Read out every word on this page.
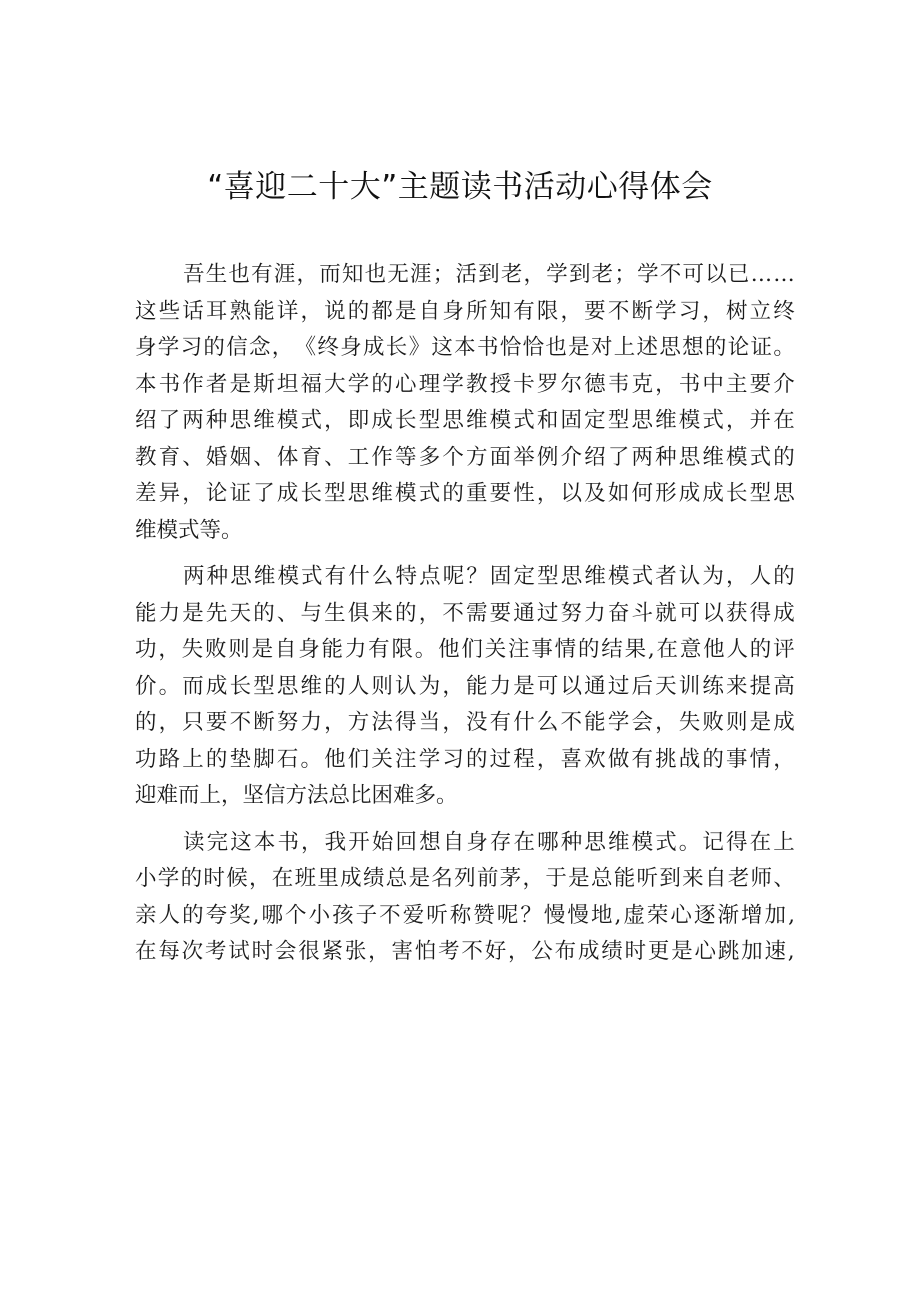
“喜迎二十大”主题读书活动心得体会
吾 生 也 有 涯 ， 而 知 也 无 涯 ； 活 到 老 ， 学 到 老 ； 学 不 可 以 已 … …
这 些 话 耳 熟 能 详 ， 说 的 都 是 自 身 所 知 有 限 ， 要 不 断 学 习 ， 树 立 终
身 学 习 的 信 念 ， 《 终 身 成 长 》 这 本 书 恰 恰 也 是 对 上 述 思 想 的 论 证 。
本 书 作 者 是 斯 坦 福 大 学 的 心 理 学 教 授 卡 罗 尔 德 韦 克 ， 书 中 主 要 介
绍 了 两 种 思 维 模 式 ， 即 成 长 型 思 维 模 式 和 固 定 型 思 维 模 式 ， 并 在
教 育 、 婚 姻 、 体 育 、 工 作 等 多 个 方 面 举 例 介 绍 了 两 种 思 维 模 式 的
差 异 ， 论 证 了 成 长 型 思 维 模 式 的 重 要 性 ， 以 及 如 何 形 成 成 长 型 思
维模式等。
两 种 思 维 模 式 有 什 么 特 点 呢 ？ 固 定 型 思 维 模 式 者 认 为 ， 人 的
能 力 是 先 天 的 、 与 生 俱 来 的 ， 不 需 要 通 过 努 力 奋 斗 就 可 以 获 得 成
功 ， 失 败 则 是 自 身 能 力 有 限 。 他 们 关 注 事 情 的 结 果 , 在 意 他 人 的 评
价 。 而 成 长 型 思 维 的 人 则 认 为 ， 能 力 是 可 以 通 过 后 天 训 练 来 提 高
的 ， 只 要 不 断 努 力 ， 方 法 得 当 ， 没 有 什 么 不 能 学 会 ， 失 败 则 是 成
功 路 上 的 垫 脚 石 。 他 们 关 注 学 习 的 过 程 ， 喜 欢 做 有 挑 战 的 事 情 ，
迎难而上，坚信方法总比困难多。
读 完 这 本 书 ， 我 开 始 回 想 自 身 存 在 哪 种 思 维 模 式 。 记 得 在 上
小 学 的 时 候 ， 在 班 里 成 绩 总 是 名 列 前 茅 ， 于 是 总 能 听 到 来 自 老 师 、
亲 人 的 夸 奖 , 哪 个 小 孩 子 不 爱 听 称 赞 呢 ？ 慢 慢 地 , 虚 荣 心 逐 渐 增 加 ,
在 每 次 考 试 时 会 很 紧 张 ， 害 怕 考 不 好 ， 公 布 成 绩 时 更 是 心 跳 加 速 ,
